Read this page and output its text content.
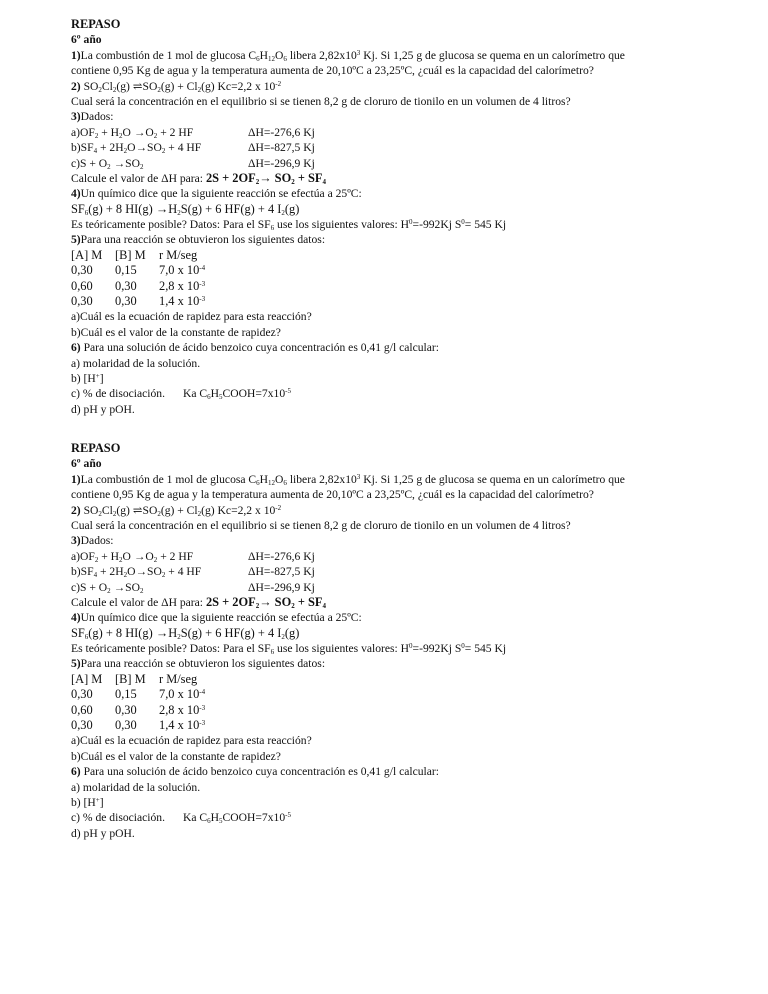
REPASO
6º año
1)La combustión de 1 mol de glucosa $C_6H_{12}O_6$ libera $2,82x10^3$ Kj. Si 1,25 g de glucosa se quema en un calorímetro que
contiene 0,95 Kg de agua y la temperatura aumenta de 20,10ºC a 23,25ºC, ¿cuál es la capacidad del calorímetro?
2) $SO_2Cl_2(g)$ $\rightleftharpoons SO_2(g) + Cl_2(g)$ Kc=2,2 x $10^{-2}$
Cual será la concentración en el equilibrio si se tienen 8,2 g de cloruro de tionilo en un volumen de 4 litros?
3)Dados:
$a)OF_2 + H_2O \to O_2 + 2$ HF	ΔH=-276,6 Kj
$b)SF_4 + 2H_2O\to SO_2 + 4$ HF	ΔH=-827,5 Kj
$c)S + O_2 \to SO_2$	ΔH=-296,9 Kj
Calcule el valor de ΔH para: $2S + 2OF_2\to SO_2 + SF_4$
4)Un químico dice que la siguiente reacción se efectúa a 25ºC:
$SF_6(g) + 8$ $HI(g) \to H_2S(g) + 6$ HF(g) + 4 $I_2(g)$
Es teóricamente posible? Datos: Para el $SF_6$ use los siguientes valores: $H^0=-992Kj$ $S^0= 545$ Kj
5)Para una reacción se obtuvieron los siguientes datos:
[A] M [B] M r M/seg
0,30 0,15 7,0 x $10^{-4}$
0,60 0,30 2,8 x $10^{-3}$
0,30 0,30 1,4 x $10^{-3}$
a)Cuál es la ecuación de rapidez para esta reacción?
b)Cuál es el valor de la constante de rapidez?
6) Para una solución de ácido benzoico cuya concentración es 0,41 g/l calcular:
a) molaridad de la solución.
b) [H+]
c) % de disociación. Ka $C_6H_5COOH=7x10^{-5}$
d) pH y pOH.
REPASO
6º año
1)La combustión de 1 mol de glucosa $C_6H_{12}O_6$ libera $2,82x10^3$ Kj. Si 1,25 g de glucosa se quema en un calorímetro que
contiene 0,95 Kg de agua y la temperatura aumenta de 20,10ºC a 23,25ºC, ¿cuál es la capacidad del calorímetro?
2) $SO_2Cl_2(g)$ $\rightleftharpoons SO_2(g) + Cl_2(g)$ Kc=2,2 x $10^{-2}$
Cual será la concentración en el equilibrio si se tienen 8,2 g de cloruro de tionilo en un volumen de 4 litros?
3)Dados:
$a)OF_2 + H_2O \to O_2 + 2$ HF	ΔH=-276,6 Kj
$b)SF_4 + 2H_2O\to SO_2 + 4$ HF	ΔH=-827,5 Kj
$c)S + O_2 \to SO_2$	ΔH=-296,9 Kj
Calcule el valor de ΔH para: $2S + 2OF_2\to SO_2 + SF_4$
4)Un químico dice que la siguiente reacción se efectúa a 25ºC:
$SF_6(g) + 8$ $HI(g) \to H_2S(g) + 6$ HF(g) + 4 $I_2(g)$
Es teóricamente posible? Datos: Para el $SF_6$ use los siguientes valores: $H^0=-992Kj$ $S^0= 545$ Kj
5)Para una reacción se obtuvieron los siguientes datos:
[A] M [B] M r M/seg
0,30 0,15 7,0 x $10^{-4}$
0,60 0,30 2,8 x $10^{-3}$
0,30 0,30 1,4 x $10^{-3}$
a)Cuál es la ecuación de rapidez para esta reacción?
b)Cuál es el valor de la constante de rapidez?
6) Para una solución de ácido benzoico cuya concentración es 0,41 g/l calcular:
a) molaridad de la solución.
b) [H+]
c) % de disociación. Ka $C_6H_5COOH=7x10^{-5}$
d) pH y pOH.
